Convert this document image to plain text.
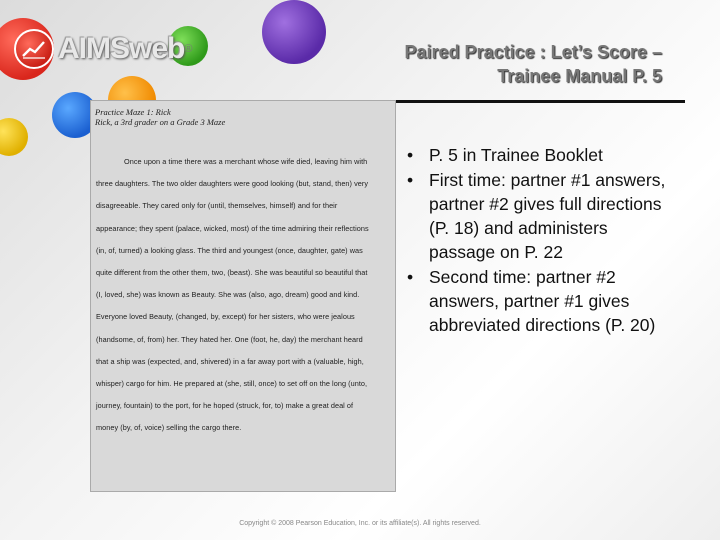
AIMSweb ®	Paired Practice : Let’s Score –
Trainee Manual P. 5
Practice Maze 1: Rick
Rick, a 3rd grader on a Grade 3 Maze
Once upon a time there was a merchant whose wife died, leaving him with three daughters. The two older daughters were good looking (but, stand, then) very disagreeable. They cared only for (until, themselves, himself) and for their appearance; they spent (palace, wicked, most) of the time admiring their reflections (in, of, turned) a looking glass. The third and youngest (once, daughter, gate) was quite different from the other them, two, (beast). She was beautiful so beautiful that (I, loved, she) was known as Beauty. She was (also, ago, dream) good and kind. Everyone loved Beauty, (changed, by, except) for her sisters, who were jealous (handsome, of, from) her. They hated her. One (foot, he, day) the merchant heard that a ship was (expected, and, shivered) in a far away port with a (valuable, high, whisper) cargo for him. He prepared at (she, still, once) to set off on the long (unto, journey, fountain) to the port, for he hoped (struck, for, to) make a great deal of money (by, of, voice) selling the cargo there.
• P. 5 in Trainee Booklet
• First time: partner #1 answers, partner #2 gives full directions (P. 18) and administers passage on P. 22
• Second time: partner #2 answers, partner #1 gives abbreviated directions (P. 20)
Copyright © 2008 Pearson Education, Inc. or its affiliate(s). All rights reserved.
